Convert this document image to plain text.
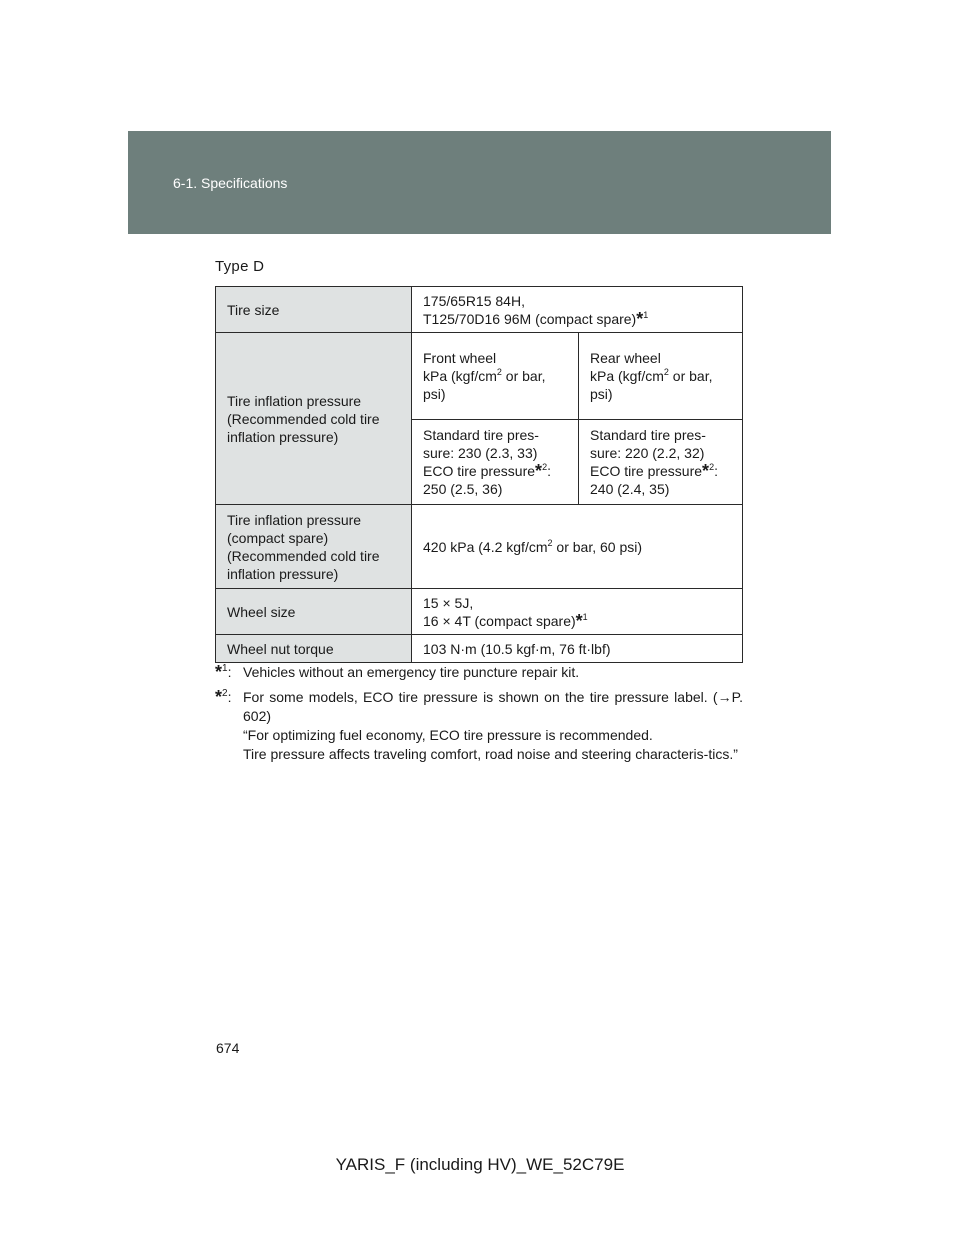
6-1. Specifications
Type D
Tire size	175/65R15 84H,
T125/70D16 96M (compact spare)*$^1$
Tire inflation pressure
(Recommended cold tire
inflation pressure)	Front wheel
kPa ($kgf/cm^2$ or bar,
psi)	Rear wheel
kPa ($kgf/cm^2$ or bar,
psi)
	Standard tire pres-
sure: 230 (2.3, 33)
ECO tire pressure*$^2$:
250 (2.5, 36)	Standard tire pres-
sure: 220 (2.2, 32)
ECO tire pressure*$^2$:
240 (2.4, 35)
Tire inflation pressure
(compact spare)
(Recommended cold tire
inflation pressure)	420 kPa (4.2 kgf/$cm^2$ or bar, 60 psi)	
Wheel size	15 × 5J,
16 × 4T (compact spare)*$^1$
Wheel nut torque	103 N·m (10.5 kgf·m, 76 ft·lbf)	
*$^1$: Vehicles without an emergency tire puncture repair kit.
*$^2$: For some models, ECO tire pressure is shown on the tire pressure label. (→P. 602)
“For optimizing fuel economy, ECO tire pressure is recommended.
Tire pressure affects traveling comfort, road noise and steering characteris-tics.”
674
YARIS_F (including HV)_WE_52C79E
